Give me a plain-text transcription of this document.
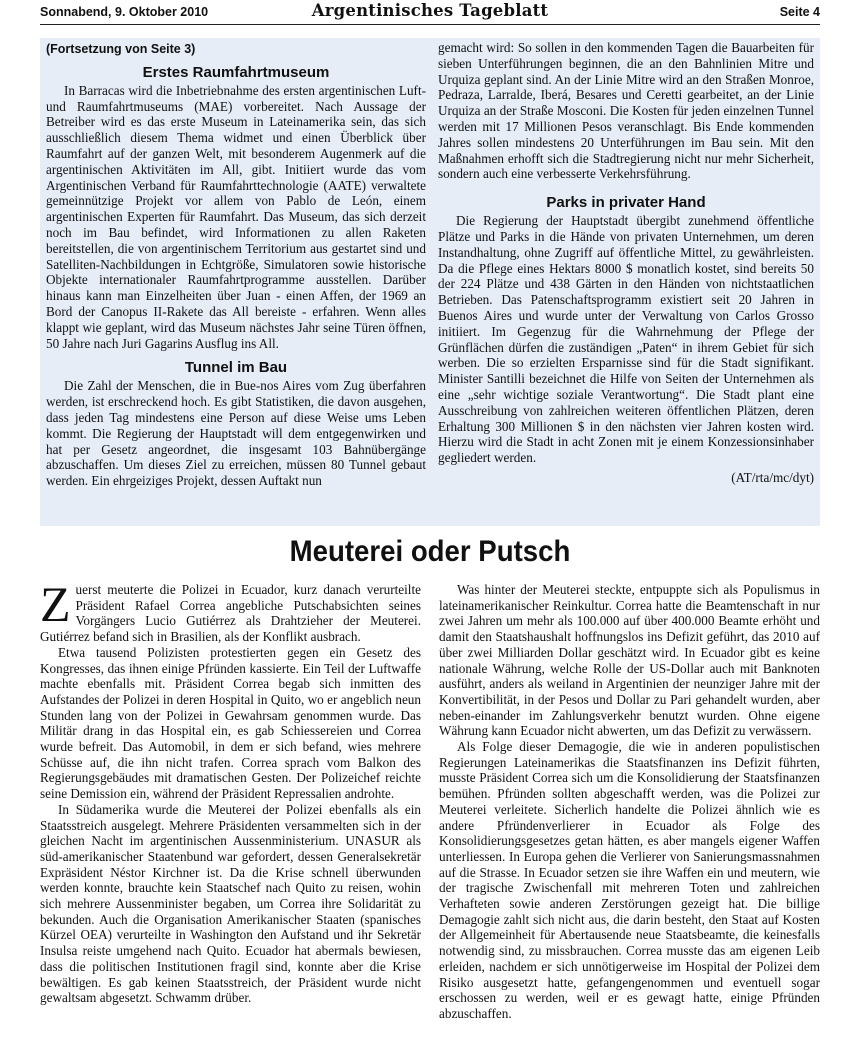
Sonnabend, 9. Oktober 2010	Argentinisches Tageblatt	Seite 4
(Fortsetzung von Seite 3)
Erstes Raumfahrtmuseum

In Barracas wird die Inbetriebnahme des ersten argentinischen Luft- und Raumfahrtmuseums (MAE) vorbereitet. Nach Aussage der Betreiber wird es das erste Museum in Lateinamerika sein, das sich ausschließlich diesem Thema widmet und einen Überblick über Raumfahrt auf der ganzen Welt, mit besonderem Augenmerk auf die argentinischen Aktivitäten im All, gibt. Initiiert wurde das vom Argentinischen Verband für Raumfahrttechnologie (AATE) verwaltete gemeinnützige Projekt vor allem von Pablo de León, einem argentinischen Experten für Raumfahrt. Das Museum, das sich derzeit noch im Bau befindet, wird Informationen zu allen Raketen bereitstellen, die von argentinischem Territorium aus gestartet sind und Satelliten-Nachbildungen in Echtgröße, Simulatoren sowie historische Objekte internationaler Raumfahrtprogramme ausstellen. Darüber hinaus kann man Einzelheiten über Juan - einen Affen, der 1969 an Bord der Canopus II-Rakete das All bereiste - erfahren. Wenn alles klappt wie geplant, wird das Museum nächstes Jahr seine Türen öffnen, 50 Jahre nach Juri Gagarins Ausflug ins All.

Tunnel im Bau

Die Zahl der Menschen, die in Bue-nos Aires vom Zug überfahren werden, ist erschreckend hoch. Es gibt Statistiken, die davon ausgehen, dass jeden Tag mindestens eine Person auf diese Weise ums Leben kommt. Die Regierung der Hauptstadt will dem entgegenwirken und hat per Gesetz angeordnet, die insgesamt 103 Bahnübergänge abzuschaffen. Um dieses Ziel zu erreichen, müssen 80 Tunnel gebaut werden. Ein ehrgeiziges Projekt, dessen Auftakt nun

gemacht wird: So sollen in den kommenden Tagen die Bauarbeiten für sieben Unterführungen beginnen, die an den Bahnlinien Mitre und Urquiza geplant sind. An der Linie Mitre wird an den Straßen Monroe, Pedraza, Larralde, Iberá, Besares und Ceretti gearbeitet, an der Linie Urquiza an der Straße Mosconi. Die Kosten für jeden einzelnen Tunnel werden mit 17 Millionen Pesos veranschlagt. Bis Ende kommenden Jahres sollen mindestens 20 Unterführungen im Bau sein. Mit den Maßnahmen erhofft sich die Stadtregierung nicht nur mehr Sicherheit, sondern auch eine verbesserte Verkehrsführung.

Parks in privater Hand

Die Regierung der Hauptstadt übergibt zunehmend öffentliche Plätze und Parks in die Hände von privaten Unternehmen, um deren Instandhaltung, ohne Zugriff auf öffentliche Mittel, zu gewährleisten. Da die Pflege eines Hektars 8000 $ monatlich kostet, sind bereits 50 der 224 Plätze und 438 Gärten in den Händen von nichtstaatlichen Betrieben. Das Patenschaftsprogramm existiert seit 20 Jahren in Buenos Aires und wurde unter der Verwaltung von Carlos Grosso initiiert. Im Gegenzug für die Wahrnehmung der Pflege der Grünflächen dürfen die zuständigen „Paten“ in ihrem Gebiet für sich werben. Die so erzielten Ersparnisse sind für die Stadt signifikant. Minister Santilli bezeichnet die Hilfe von Seiten der Unternehmen als eine „sehr wichtige soziale Verantwortung“. Die Stadt plant eine Ausschreibung von zahlreichen weiteren öffentlichen Plätzen, deren Erhaltung 300 Millionen $ in den nächsten vier Jahren kosten wird. Hierzu wird die Stadt in acht Zonen mit je einem Konzessionsinhaber gegliedert werden.

(AT/rta/mc/dyt)
Meuterei oder Putsch

Zuerst meuterte die Polizei in Ecuador, kurz danach verurteilte Präsident Rafael Correa angebliche Putschabsichten seines Vorgängers Lucio Gutiérrez als Drahtzieher der Meuterei. Gutiérrez befand sich in Brasilien, als der Konflikt ausbrach.

Etwa tausend Polizisten protestierten gegen ein Gesetz des Kongresses, das ihnen einige Pfründen kassierte. Ein Teil der Luftwaffe machte ebenfalls mit. Präsident Correa begab sich inmitten des Aufstandes der Polizei in deren Hospital in Quito, wo er angeblich neun Stunden lang von der Polizei in Gewahrsam genommen wurde. Das Militär drang in das Hospital ein, es gab Schiessereien und Correa wurde befreit. Das Automobil, in dem er sich befand, wies mehrere Schüsse auf, die ihn nicht trafen. Correa sprach vom Balkon des Regierungsgebäudes mit dramatischen Gesten. Der Polizeichef reichte seine Demission ein, während der Präsident Repressalien androhte.

In Südamerika wurde die Meuterei der Polizei ebenfalls als ein Staatsstreich ausgelegt. Mehrere Präsidenten versammelten sich in der gleichen Nacht im argentinischen Aussenministerium. UNASUR als süd-amerikanischer Staatenbund war gefordert, dessen Generalsekretär Expräsident Néstor Kirchner ist. Da die Krise schnell überwunden werden konnte, brauchte kein Staatschef nach Quito zu reisen, wohin sich mehrere Aussenminister begaben, um Correa ihre Solidarität zu bekunden. Auch die Organisation Amerikanischer Staaten (spanisches Kürzel OEA) verurteilte in Washington den Aufstand und ihr Sekretär Insulsa reiste umgehend nach Quito. Ecuador hat abermals bewiesen, dass die politischen Institutionen fragil sind, konnte aber die Krise bewältigen. Es gab keinen Staatsstreich, der Präsident wurde nicht gewaltsam abgesetzt. Schwamm drüber.

Was hinter der Meuterei steckte, entpuppte sich als Populismus in lateinamerikanischer Reinkultur. Correa hatte die Beamtenschaft in nur zwei Jahren um mehr als 100.000 auf über 400.000 Beamte erhöht und damit den Staatshaushalt hoffnungslos ins Defizit geführt, das 2010 auf über zwei Milliarden Dollar geschätzt wird. In Ecuador gibt es keine nationale Währung, welche Rolle der US-Dollar auch mit Banknoten ausführt, anders als weiland in Argentinien der neunziger Jahre mit der Konvertibilität, in der Pesos und Dollar zu Pari gehandelt wurden, aber neben-einander im Zahlungsverkehr benutzt wurden. Ohne eigene Währung kann Ecuador nicht abwerten, um das Defizit zu verwässern.

Als Folge dieser Demagogie, die wie in anderen populistischen Regierungen Lateinamerikas die Staatsfinanzen ins Defizit führten, musste Präsident Correa sich um die Konsolidierung der Staatsfinanzen bemühen. Pfründen sollten abgeschafft werden, was die Polizei zur Meuterei verleitete. Sicherlich handelte die Polizei ähnlich wie es andere Pfründenverlierer in Ecuador als Folge des Konsolidierungsgesetzes getan hätten, es aber mangels eigener Waffen unterliessen. In Europa gehen die Verlierer von Sanierungsmassnahmen auf die Strasse. In Ecuador setzen sie ihre Waffen ein und meutern, wie der tragische Zwischenfall mit mehreren Toten und zahlreichen Verhafteten sowie anderen Zerstörungen gezeigt hat. Die billige Demagogie zahlt sich nicht aus, die darin besteht, den Staat auf Kosten der Allgemeinheit für Abertausende neue Staatsbeamte, die keinesfalls notwendig sind, zu missbrauchen. Correa musste das am eigenen Leib erleiden, nachdem er sich unnötigerweise im Hospital der Polizei dem Risiko ausgesetzt hatte, gefangengenommen und eventuell sogar erschossen zu werden, weil er es gewagt hatte, einige Pfründen abzuschaffen.
